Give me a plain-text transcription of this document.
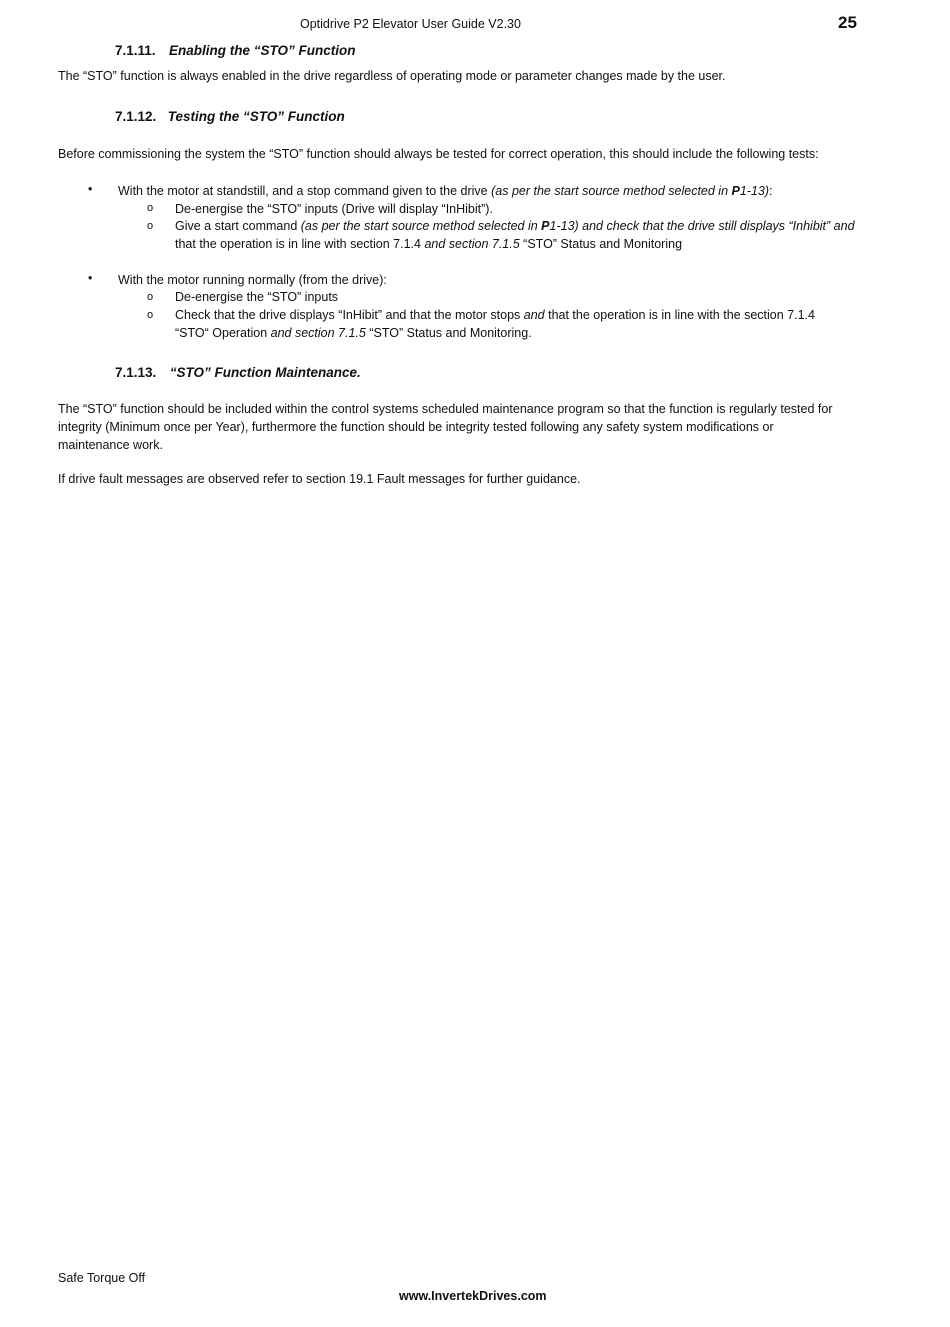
Optidrive P2 Elevator User Guide V2.30	25
7.1.11. Enabling the “STO” Function
The “STO” function is always enabled in the drive regardless of operating mode or parameter changes made by the user.
7.1.12. Testing the “STO” Function
Before commissioning the system the “STO” function should always be tested for correct operation, this should include the following tests:
• With the motor at standstill, and a stop command given to the drive (as per the start source method selected in P1-13):
o De-energise the “STO” inputs (Drive will display “InHibit”).
o Give a start command (as per the start source method selected in P1-13) and check that the drive still displays “Inhibit” and
that the operation is in line with section 7.1.4 and section 7.1.5 “STO” Status and Monitoring
• With the motor running normally (from the drive):
o De-energise the “STO” inputs
o Check that the drive displays “InHibit” and that the motor stops and that the operation is in line with the section 7.1.4
“STO“ Operation and section 7.1.5 “STO” Status and Monitoring.
7.1.13. “STO” Function Maintenance.
The “STO” function should be included within the control systems scheduled maintenance program so that the function is regularly tested for
integrity (Minimum once per Year), furthermore the function should be integrity tested following any safety system modifications or
maintenance work.
If drive fault messages are observed refer to section 19.1 Fault messages for further guidance.
Safe Torque Off
www.InvertekDrives.com
